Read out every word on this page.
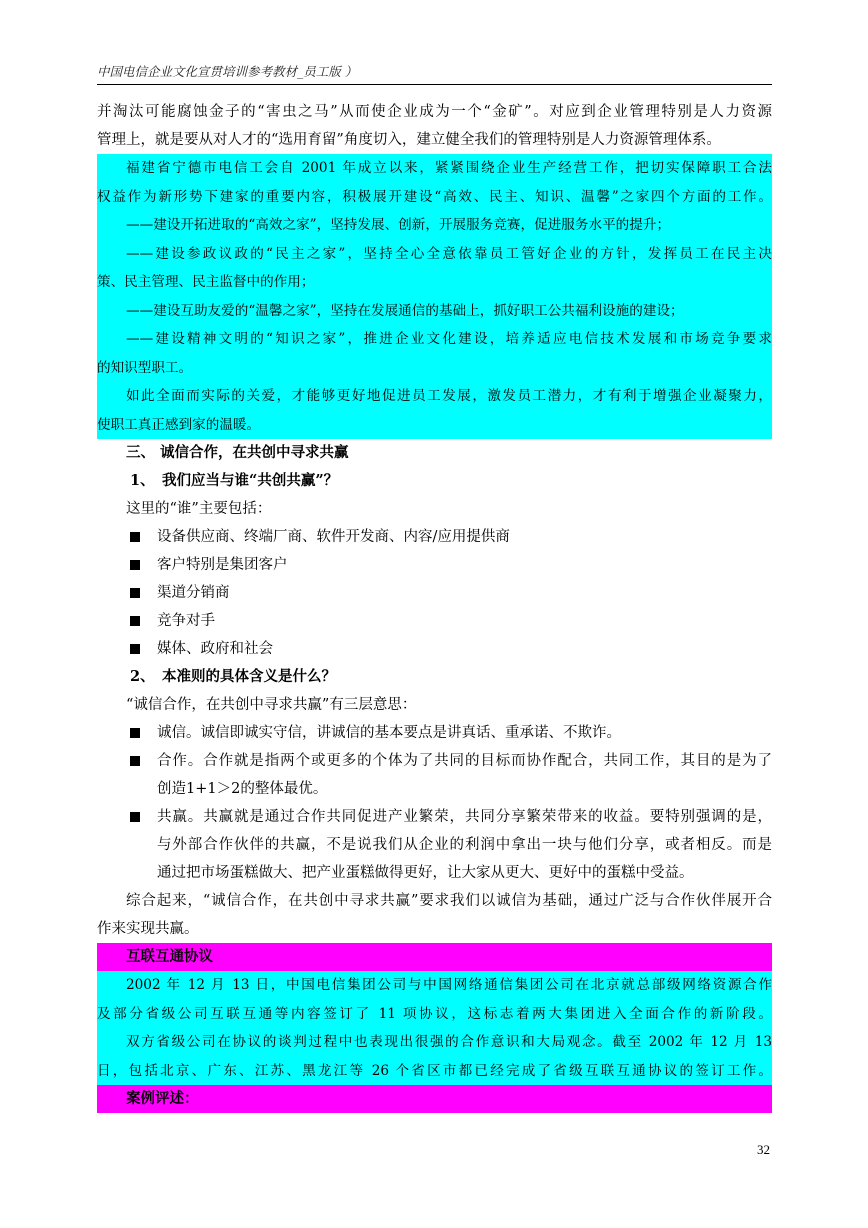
中国电信企业文化宣贯培训参考教材_员工版 ）
并淘汰可能腐蚀金子的“害虫之马”从而使企业成为一个“金矿”。对应到企业管理特别是人力资源
管理上，就是要从对人才的“选用育留”角度切入，建立健全我们的管理特别是人力资源管理体系。
福建省宁德市电信工会自 2001 年成立以来，紧紧围绕企业生产经营工作，把切实保障职工合法
权益作为新形势下建家的重要内容，积极展开建设“高效、民主、知识、温馨”之家四个方面的工作。
——建设开拓进取的“高效之家”，坚持发展、创新，开展服务竞赛，促进服务水平的提升；
——建设参政议政的“民主之家”，坚持全心全意依靠员工管好企业的方针，发挥员工在民主决
策、民主管理、民主监督中的作用；
——建设互助友爱的“温馨之家”，坚持在发展通信的基础上，抓好职工公共福利设施的建设；
——建设精神文明的“知识之家”，推进企业文化建设，培养适应电信技术发展和市场竞争要求
的知识型职工。
如此全面而实际的关爱，才能够更好地促进员工发展，激发员工潜力，才有利于增强企业凝聚力，
使职工真正感到家的温暖。
三、 诚信合作，在共创中寻求共赢
1、 我们应当与谁“共创共赢”？
这里的“谁”主要包括：
设备供应商、终端厂商、软件开发商、内容/应用提供商
客户特别是集团客户
渠道分销商
竞争对手
媒体、政府和社会
2、 本准则的具体含义是什么？
“诚信合作，在共创中寻求共赢”有三层意思：
诚信。诚信即诚实守信，讲诚信的基本要点是讲真话、重承诺、不欺诈。
合作。合作就是指两个或更多的个体为了共同的目标而协作配合，共同工作，其目的是为了
创造1+1＞2的整体最优。
共赢。共赢就是通过合作共同促进产业繁荣，共同分享繁荣带来的收益。要特别强调的是，
与外部合作伙伴的共赢，不是说我们从企业的利润中拿出一块与他们分享，或者相反。而是
通过把市场蛋糕做大、把产业蛋糕做得更好，让大家从更大、更好中的蛋糕中受益。
综合起来，“诚信合作，在共创中寻求共赢”要求我们以诚信为基础，通过广泛与合作伙伴展开合
作来实现共赢。
互联互通协议
2002 年 12 月 13 日，中国电信集团公司与中国网络通信集团公司在北京就总部级网络资源合作
及部分省级公司互联互通等内容签订了 11 项协议，这标志着两大集团进入全面合作的新阶段。
双方省级公司在协议的谈判过程中也表现出很强的合作意识和大局观念。截至 2002 年 12 月 13
日，包括北京、广东、江苏、黑龙江等 26 个省区市都已经完成了省级互联互通协议的签订工作。
案例评述：
32
